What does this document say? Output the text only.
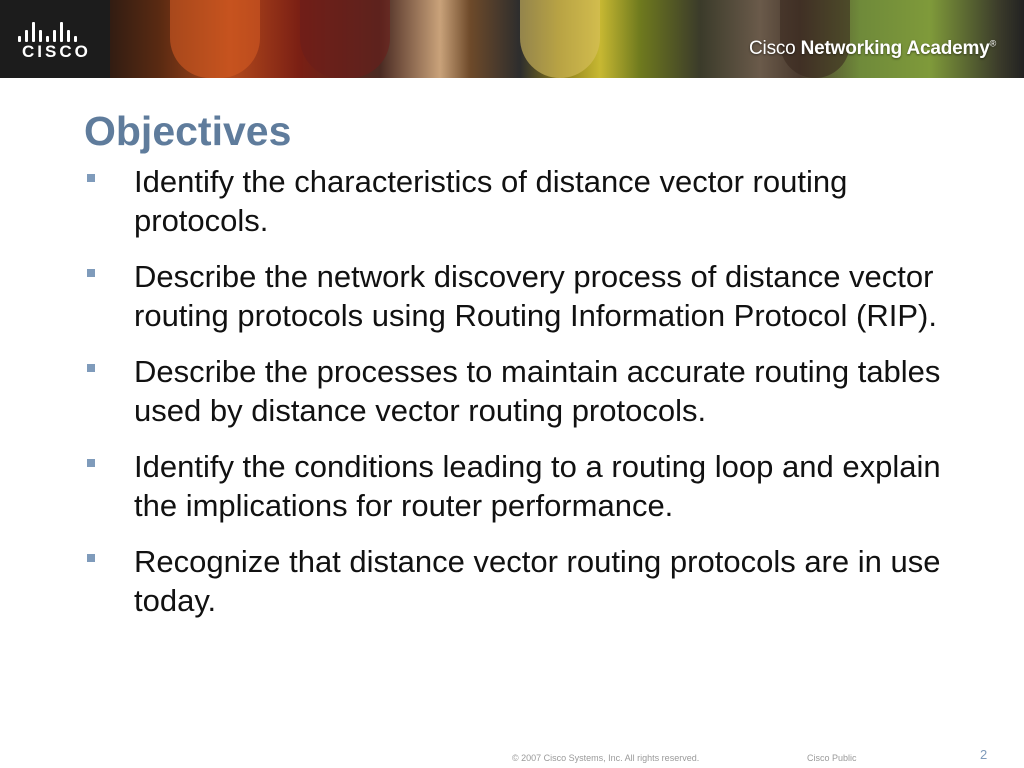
CISCO	Cisco Networking Academy®
Objectives
Identify the characteristics of distance vector routing protocols.
Describe the network discovery process of distance vector routing protocols using Routing Information Protocol (RIP).
Describe the processes to maintain accurate routing tables used by distance vector routing protocols.
Identify the conditions leading to a routing loop and explain the implications for router performance.
Recognize that distance vector routing protocols are in use today.
© 2007 Cisco Systems, Inc. All rights reserved.	Cisco Public	2
